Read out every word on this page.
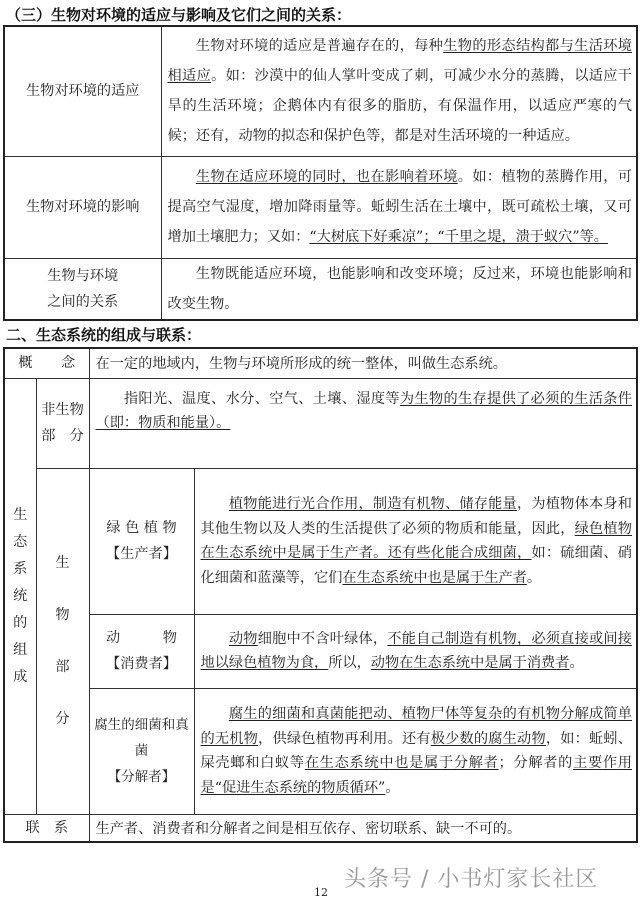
（三）生物对环境的适应与影响及它们之间的关系：
生物对环境的适应	生物对环境的适应是普遍存在的，每种生物的形态结构都与生活环境相适应。如：沙漠中的仙人掌叶变成了刺，可减少水分的蒸腾，以适应干旱的生活环境；企鹅体内有很多的脂肪，有保温作用，以适应严寒的气候；还有，动物的拟态和保护色等，都是对生活环境的一种适应。

生物对环境的影响	生物在适应环境的同时，也在影响着环境。如：植物的蒸腾作用，可提高空气湿度，增加降雨量等。蚯蚓生活在土壤中，既可疏松土壤，又可增加土壤肥力；又如：“大树底下好乘凉”；“千里之堤，溃于蚁穴”等。

生物与环境
之间的关系	生物既能适应环境，也能影响和改变环境；反过来，环境也能影响和改变生物。
二、生态系统的组成与联系：
概　　念		在一定的地域内，生物与环境所形成的统一整体，叫做生态系统。	

生态系统的组成	非生物
部　分	指阳光、温度、水分、空气、土壤、湿度等为生物的生存提供了必须的生活条件（即：物质和能量）。	

	生物部分	绿 色 植 物
【生产者】	植物能进行光合作用，制造有机物、储存能量，为植物体本身和其他生物以及人类的生活提供了必须的物质和能量，因此，绿色植物在生态系统中是属于生产者。还有些化能合成细菌，如：硫细菌、硝化细菌和蓝藻等，它们在生态系统中也是属于生产者。

		动　　　物
【消费者】	动物细胞中不含叶绿体，不能自己制造有机物，必须直接或间接地以绿色植物为食，所以，动物在生态系统中是属于消费者。

		腐生的细菌和真菌
【分解者】	腐生的细菌和真菌能把动、植物尸体等复杂的有机物分解成简单的无机物，供绿色植物再利用。还有极少数的腐生动物，如：蚯蚓、屎壳螂和白蚁等在生态系统中也是属于分解者；分解者的主要作用是“促进生态系统的物质循环”。

联　系		生产者、消费者和分解者之间是相互依存、密切联系、缺一不可的。	
头条号 / 小书灯家长社区
12
